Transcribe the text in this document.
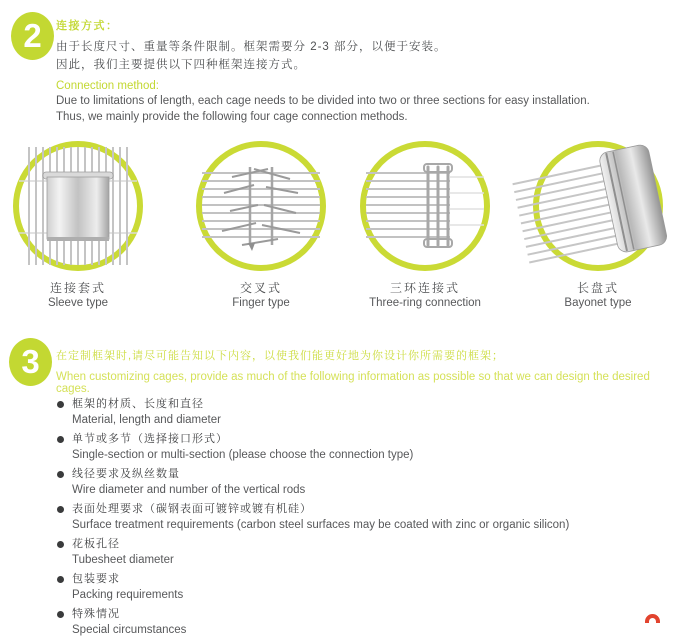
2	连接方式：
由于长度尺寸、重量等条件限制。框架需要分 2-3 部分，以便于安装。
因此，我们主要提供以下四种框架连接方式。
Connection method:
Due to limitations of length, each cage needs to be divided into two or three sections for easy installation.
Thus, we mainly provide the following four cage connection methods.
连接套式
Sleeve type
交叉式
Finger type
三环连接式
Three-ring connection
长盘式
Bayonet type
3	在定制框架时,请尽可能告知以下内容，以使我们能更好地为你设计你所需要的框架；
When customizing cages, provide as much of the following information as possible so that we can design the desired cages.
框架的材质、长度和直径
Material, length and diameter
单节或多节（选择接口形式）
Single-section or multi-section (please choose the connection type)
线径要求及纵丝数量
Wire diameter and number of the vertical rods
表面处理要求（碳钢表面可镀锌或镀有机硅）
Surface treatment requirements (carbon steel surfaces may be coated with zinc or organic silicon)
花板孔径
Tubesheet diameter
包装要求
Packing requirements
特殊情况
Special circumstances
